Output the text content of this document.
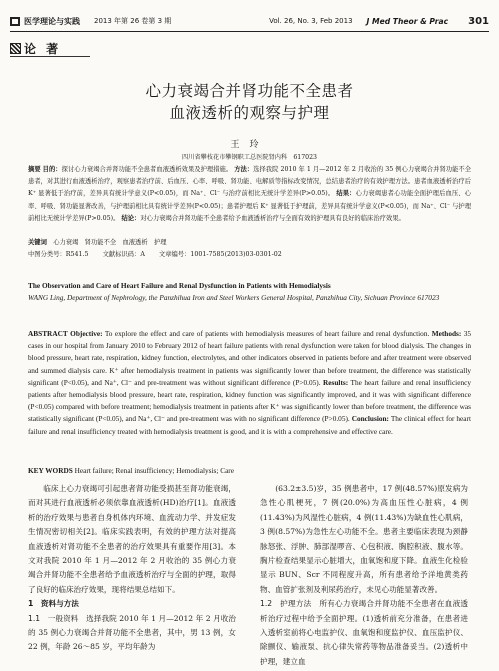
医学理论与实践 2013 年第 26 卷第 3 期	Vol. 26, No. 3, Feb 2013 J Med Theor & Prac 301
论 著
心力衰竭合并肾功能不全患者
血液透析的观察与护理
王玲
四川省攀枝花市攀钢职工总医院肾内科　617023
摘要 目的：探讨心力衰竭合并肾功能不全患者血液透析效果及护理措施。 方法：选择我院 2010 年 1 月—2012 年 2 月收治的 35 例心力衰竭合并肾功能不全患者，对其进行血液透析治疗，观察患者治疗前、后血压、心率、呼吸、肾功能、电解质等指标改变情况，总结患者治疗的有效护理方法。患者血液透析治疗后 K⁺ 显著低于治疗前，差异具有统计学意义(P<0.05)，而 Na⁺、Cl⁻ 与治疗前相比无统计学差异(P>0.05)。 结果：心力衰竭患者心功能全面护理后血压、心率、呼吸、肾功能显著改善，与护理前相比具有统计学差异(P<0.05)；患者护理后 K⁺ 显著低于护理前，差异具有统计学意义(P<0.05)，而 Na⁺、Cl⁻ 与护理前相比无统计学差异(P>0.05)。 结论：对心力衰竭合并肾功能不全患者给予血液透析治疗与全面有效的护理具有良好的临床治疗效果。
关键词　 心力衰竭　肾功能不全　血液透析　护理
中图分类号：R541.5 文献标识码：A 文章编号：1001-7585(2013)03-0301-02
The Observation and Care of Heart Failure and Renal Dysfunction in Patients with Hemodialysis
WANG Ling, Department of Nephrology, the Panzhihua Iron and Steel Workers General Hospital, Panzhihua City, Sichuan Province 617023
ABSTRACT Objective: To explore the effect and care of patients with hemodialysis measures of heart failure and renal dysfunction. Methods: 35 cases in our hospital from January 2010 to February 2012 of heart failure patients with renal dysfunction were taken for blood dialysis. The changes in blood pressure, heart rate, respiration, kidney function, electrolytes, and other indicators observed in patients before and after treatment were observed and summed dialysis care. K⁺ after hemodialysis treatment in patients was significantly lower than before treatment, the difference was statistically significant (P<0.05), and Na⁺, Cl⁻ and pre-treatment was without significant difference (P>0.05). Results: The heart failure and renal insufficiency patients after hemodialysis blood pressure, heart rate, respiration, kidney function was significantly improved, and it was with significant difference (P<0.05) compared with before treatment; hemodialysis treatment in patients after K⁺ was significantly lower than before treatment, the difference was statistically significant (P<0.05), and Na⁺, Cl⁻ and pre-treatment was with no significant difference (P>0.05). Conclusion: The clinical effect for heart failure and renal insufficiency treated with hemodialysis treatment is good, and it is with a comprehensive and effective care.
KEY WORDS Heart failure; Renal insufficiency; Hemodialysis; Care

临床上心力衰竭可引起患者肾功能受损甚至肾功能衰竭，而对其进行血液透析必须依靠血液透析(HD)治疗[1]。血液透析的治疗效果与患者自身机体内环境、血流动力学、并发症发生情况密切相关[2]。临床实践表明，有效的护理方法对提高血液透析对肾功能不全患者的治疗效果具有重要作用[3]。本文对我院 2010 年 1 月—2012 年 2 月收治的 35 例心力衰竭合并肾功能不全患者给予血液透析治疗与全面的护理，取得了良好的临床治疗效果，现将结果总结如下。

1　资料与方法

1.1　一般资料　 选择我院 2010 年 1 月—2012 年 2 月收治的 35 例心力衰竭合并肾功能不全患者，其中，男 13 例，女 22 例，年龄 26～85 岁，平均年龄为

(63.2±3.5)岁，35 例患者中，17 例(48.57%)原发病为急性心肌梗死，7 例(20.0%)为高血压性心脏病，4 例(11.43%)为风湿性心脏病，4 例(11.43%)为缺血性心肌病，3 例(8.57%)为急性左心功能不全。患者主要临床表现为颈静脉怒张、浮肿、肺部湿啰音、心包积液、胸腔积液、腹水等。胸片检查结果显示心脏增大，血氧饱和度下降。血液生化检验显示 BUN、Scr 不同程度升高，所有患者给予洋地黄类药物、血管扩张剂及利尿药治疗，未见心功能显著改善。

1.2　护理方法　 所有心力衰竭合并肾功能不全患者在血液透析治疗过程中给予全面护理。(1)透析前充分准备，在患者进入透析室前将心电监护仪、血氧饱和度监护仪、血压监护仪、除颤仪、输液泵、抗心律失常药等物品准备妥当。(2)透析中护理，建立血
